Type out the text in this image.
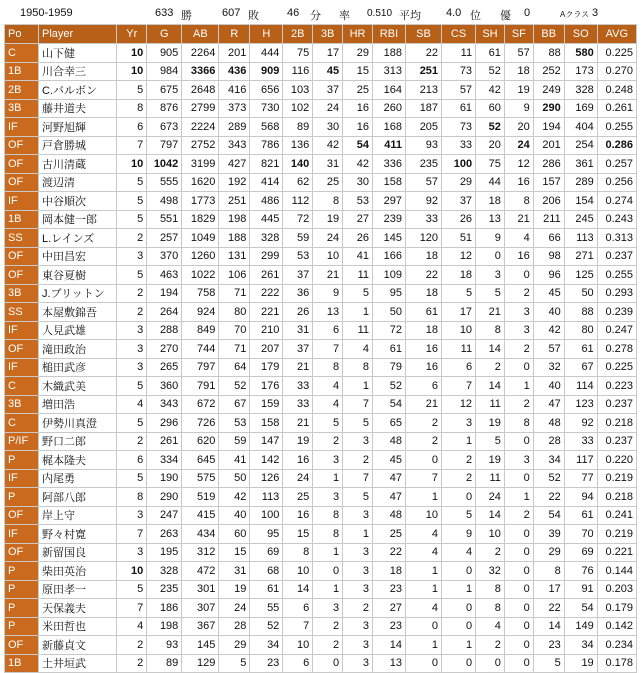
1950-1959	633 勝	607 敗	46 分 率 0.510 平均 4.0 位 優 0	Aクラス 3
Po	Player	Yr	G	AB	R	H	2B	3B	HR	RBI	SB	CS	SH	SF	BB	SO	AVG
C	山下健	10	905	2264	201	444	75	17	29	188	22	11	61	57	88	580	0.225
1B	川合幸三	10	984	3366	436	909	116	45	15	313	251	73	52	18	252	173	0.270
2B	C.バルボン	5	675	2648	416	656	103	37	25	164	213	57	42	19	249	328	0.248
3B	藤井道夫	8	876	2799	373	730	102	24	16	260	187	61	60	9	290	169	0.261
IF	河野旭輝	6	673	2224	289	568	89	30	16	168	205	73	52	20	194	404	0.255
OF	戸倉勝城	7	797	2752	343	786	136	42	54	411	93	33	20	24	201	254	0.286
OF	古川清蔵	10	1042	3199	427	821	140	31	42	336	235	100	75	12	286	361	0.257
OF	渡辺清	5	555	1620	192	414	62	25	30	158	57	29	44	16	157	289	0.256
IF	中谷順次	5	498	1773	251	486	112	8	53	297	92	37	18	8	206	154	0.274
1B	岡本健一郎	5	551	1829	198	445	72	19	27	239	33	26	13	21	211	245	0.243
SS	L.レインズ	2	257	1049	188	328	59	24	26	145	120	51	9	4	66	113	0.313
OF	中田昌宏	3	370	1260	131	299	53	10	41	166	18	12	0	16	98	271	0.237
OF	東谷夏樹	5	463	1022	106	261	37	21	11	109	22	18	3	0	96	125	0.255
3B	J.ブリットン	2	194	758	71	222	36	9	5	95	18	5	5	2	45	50	0.293
SS	本屋敷錦吾	2	264	924	80	221	26	13	1	50	61	17	21	3	40	88	0.239
IF	人見武雄	3	288	849	70	210	31	6	11	72	18	10	8	3	42	80	0.247
OF	滝田政治	3	270	744	71	207	37	7	4	61	16	11	14	2	57	61	0.278
IF	槌田武彦	3	265	797	64	179	21	8	8	79	16	6	2	0	32	67	0.225
C	木織武美	5	360	791	52	176	33	4	1	52	6	7	14	1	40	114	0.223
3B	増田浩	4	343	672	67	159	33	4	7	54	21	12	11	2	47	123	0.237
C	伊勢川真澄	5	296	726	53	158	21	5	5	65	2	3	19	8	48	92	0.218
P/IF	野口二郎	2	261	620	59	147	19	2	3	48	2	1	5	0	28	33	0.237
P	梶本隆夫	6	334	645	41	142	16	3	2	45	0	2	19	3	34	117	0.220
IF	内尾勇	5	190	575	50	126	24	1	7	47	7	2	11	0	52	77	0.219
P	阿部八郎	8	290	519	42	113	25	3	5	47	1	0	24	1	22	94	0.218
OF	岸上守	3	247	415	40	100	16	8	3	48	10	5	14	2	54	61	0.241
IF	野々村寛	7	263	434	60	95	15	8	1	25	4	9	10	0	39	70	0.219
OF	新留国良	3	195	312	15	69	8	1	3	22	4	4	2	0	29	69	0.221
P	柴田英治	10	328	472	31	68	10	0	3	18	1	0	32	0	8	76	0.144
P	原田孝一	5	235	301	19	61	14	1	3	23	1	1	8	0	17	91	0.203
P	天保義夫	7	186	307	24	55	6	3	2	27	4	0	8	0	22	54	0.179
P	米田哲也	4	198	367	28	52	7	2	3	23	0	0	4	0	14	149	0.142
OF	新藤貞文	2	93	145	29	34	10	2	3	14	1	1	2	0	23	34	0.234
1B	土井垣武	2	89	129	5	23	6	0	3	13	0	0	0	0	5	19	0.178
